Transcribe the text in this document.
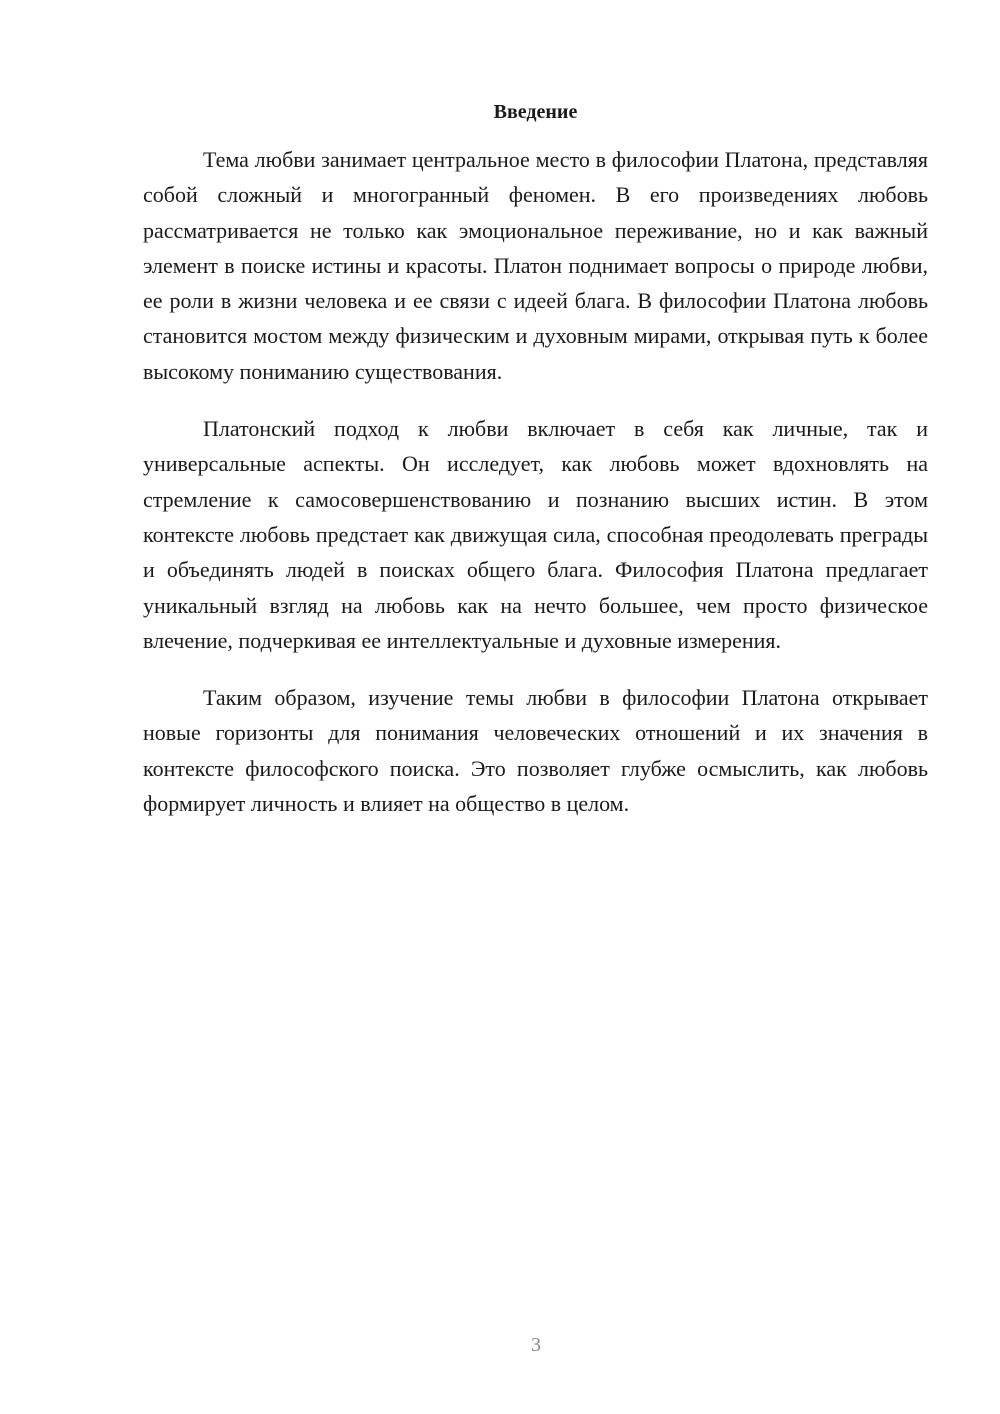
Введение

Тема любви занимает центральное место в философии Платона, представляя собой сложный и многогранный феномен. В его произведениях любовь рассматривается не только как эмоциональное переживание, но и как важный элемент в поиске истины и красоты. Платон поднимает вопросы о природе любви, ее роли в жизни человека и ее связи с идеей блага. В философии Платона любовь становится мостом между физическим и духовным мирами, открывая путь к более высокому пониманию существования.

Платонский подход к любви включает в себя как личные, так и универсальные аспекты. Он исследует, как любовь может вдохновлять на стремление к самосовершенствованию и познанию высших истин. В этом контексте любовь предстает как движущая сила, способная преодолевать преграды и объединять людей в поисках общего блага. Философия Платона предлагает уникальный взгляд на любовь как на нечто большее, чем просто физическое влечение, подчеркивая ее интеллектуальные и духовные измерения.

Таким образом, изучение темы любви в философии Платона открывает новые горизонты для понимания человеческих отношений и их значения в контексте философского поиска. Это позволяет глубже осмыслить, как любовь формирует личность и влияет на общество в целом.

3
